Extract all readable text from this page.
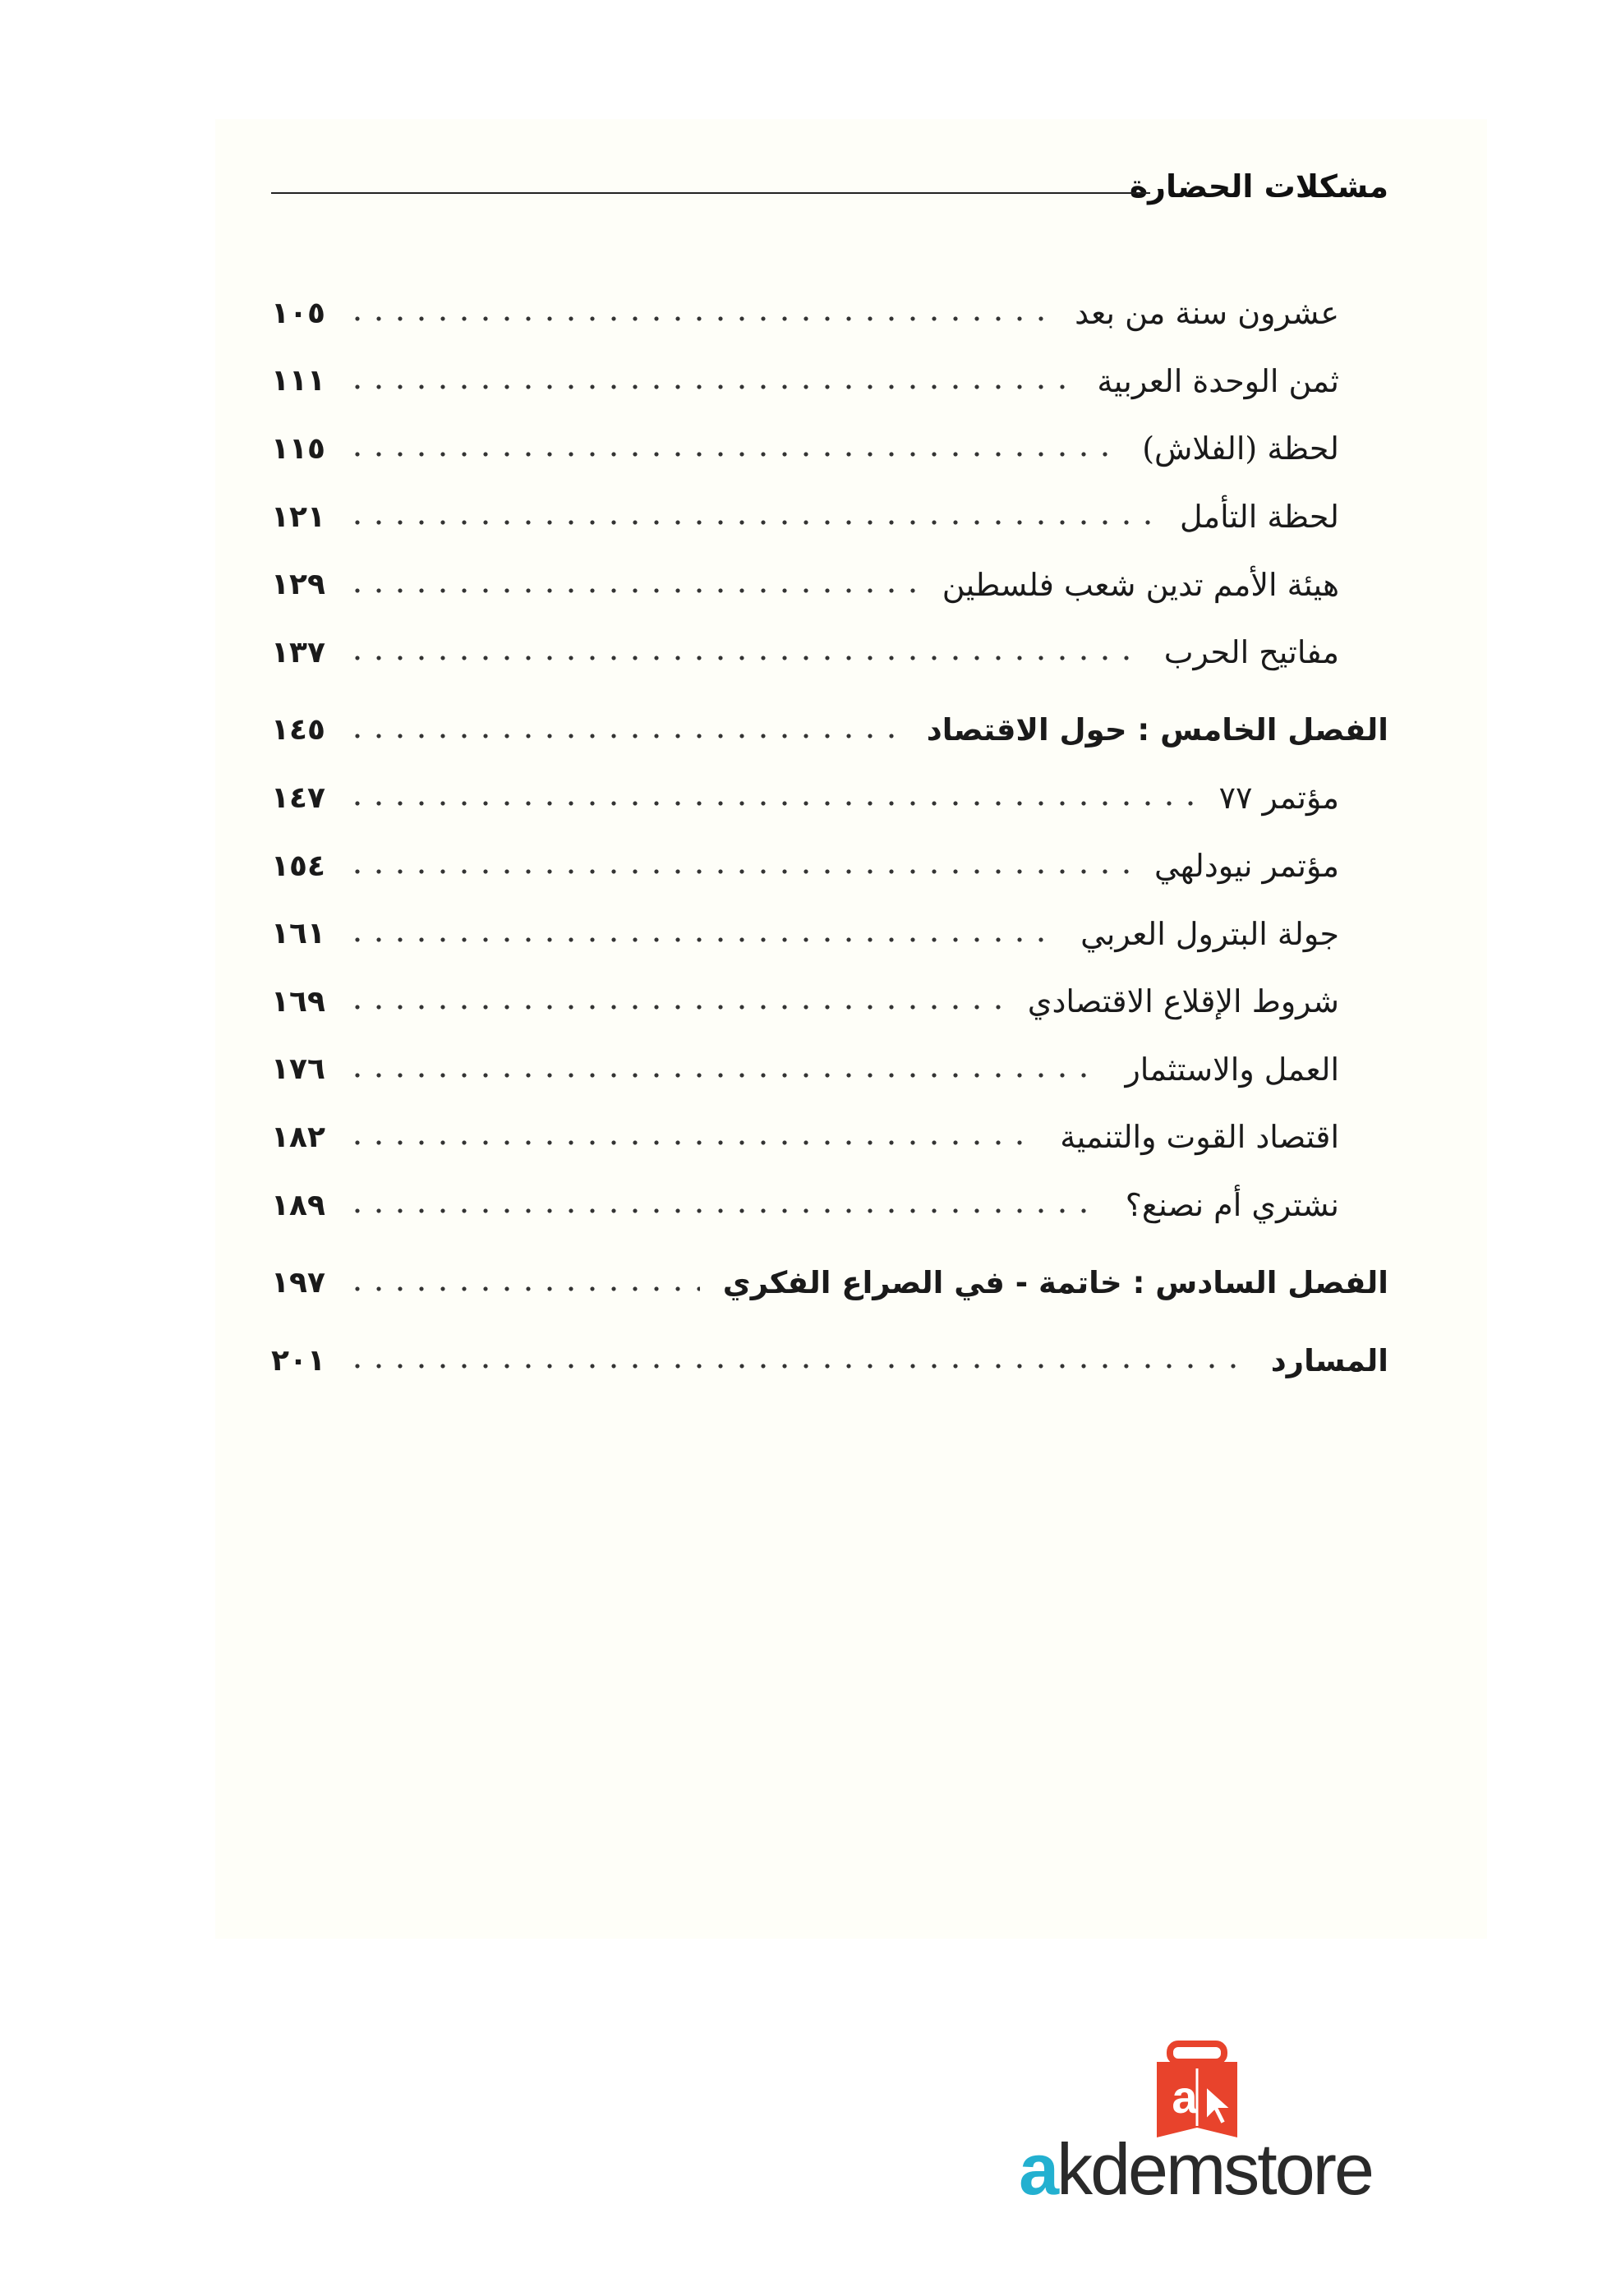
مشكلات الحضارة
عشرون سنة من بعد
١٠٥
ثمن الوحدة العربية
١١١
لحظة (الفلاش)
١١٥
لحظة التأمل
١٢١
هيئة الأمم تدين شعب فلسطين
١٢٩
مفاتيح الحرب
١٣٧
الفصل الخامس : حول الاقتصاد
١٤٥
مؤتمر ٧٧
١٤٧
مؤتمر نيودلهي
١٥٤
جولة البترول العربي
١٦١
شروط الإقلاع الاقتصادي
١٦٩
العمل والاستثمار
١٧٦
اقتصاد القوت والتنمية
١٨٢
نشتري أم نصنع؟
١٨٩
الفصل السادس : خاتمة - في الصراع الفكري
١٩٧
المسارد
٢٠١
a
akdemstore
